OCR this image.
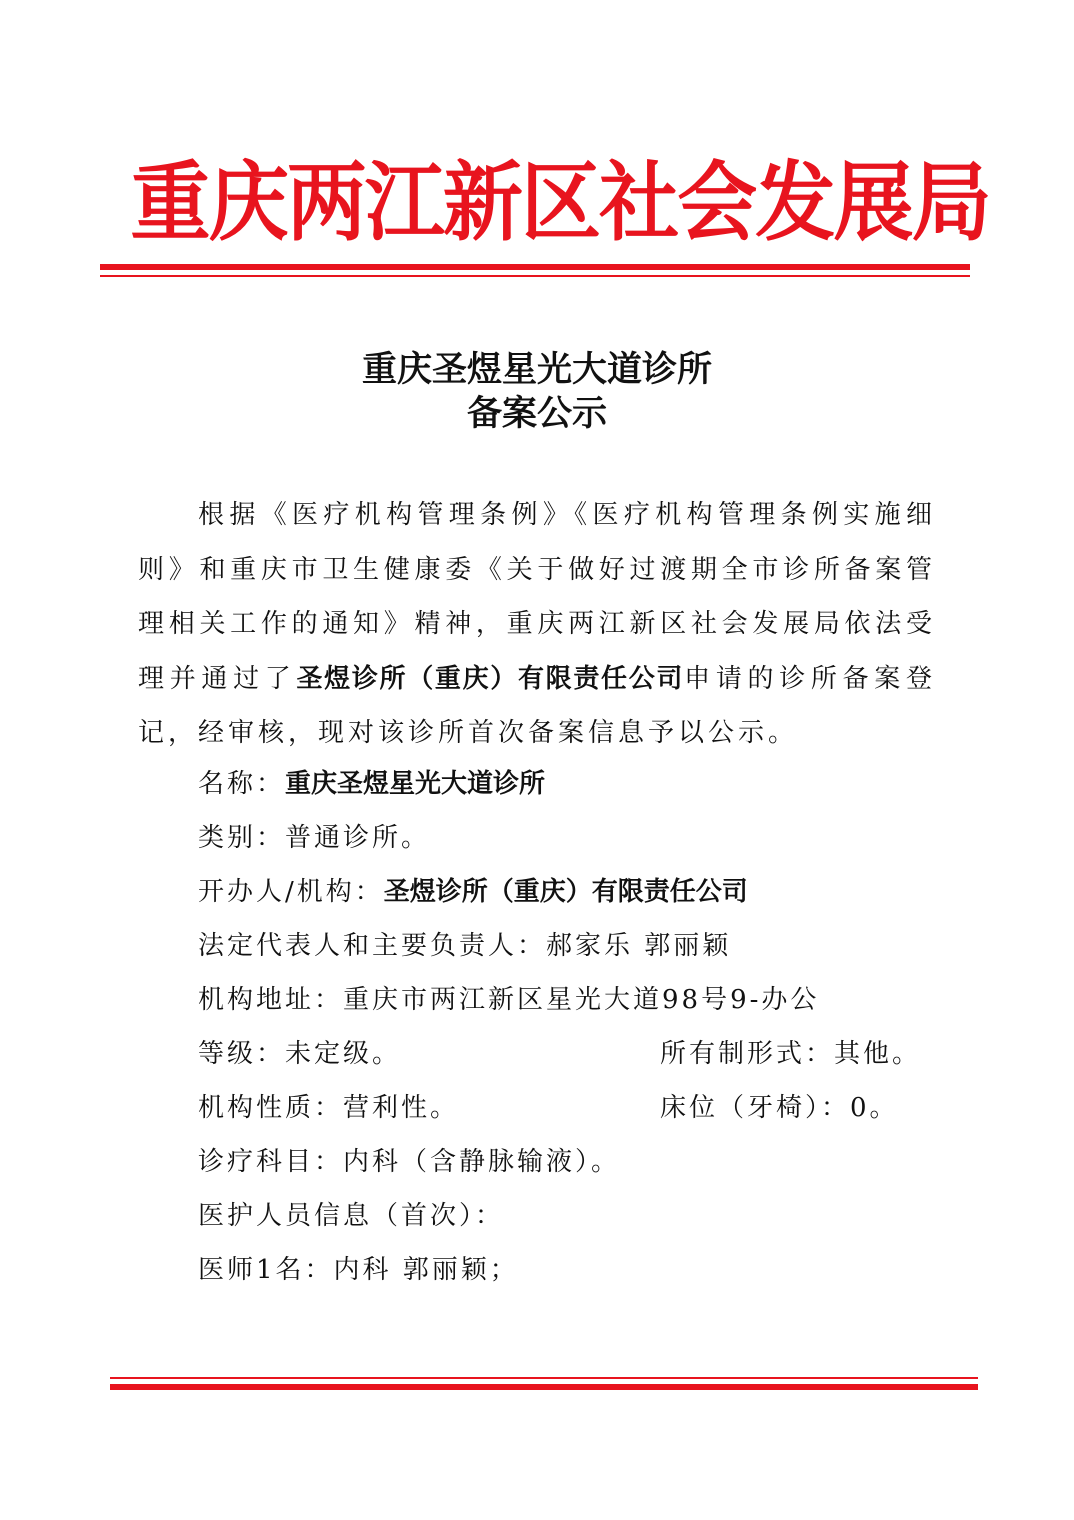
重庆两江新区社会发展局
重庆圣煜星光大道诊所
备案公示

根据《医疗机构管理条例》《医疗机构管理条例实施细则》和重庆市卫生健康委《关于做好过渡期全市诊所备案管理相关工作的通知》精神，重庆两江新区社会发展局依法受理并通过了圣煜诊所（重庆）有限责任公司申请的诊所备案登记，经审核，现对该诊所首次备案信息予以公示。

名称：重庆圣煜星光大道诊所
类别：普通诊所。
开办人/机构：圣煜诊所（重庆）有限责任公司
法定代表人和主要负责人：郝家乐 郭丽颖
机构地址：重庆市两江新区星光大道98号9-办公
等级：未定级。	所有制形式：其他。
机构性质：营利性。	床位（牙椅）：0。
诊疗科目：内科（含静脉输液）。
医护人员信息（首次）：
医师1名：内科 郭丽颖；
